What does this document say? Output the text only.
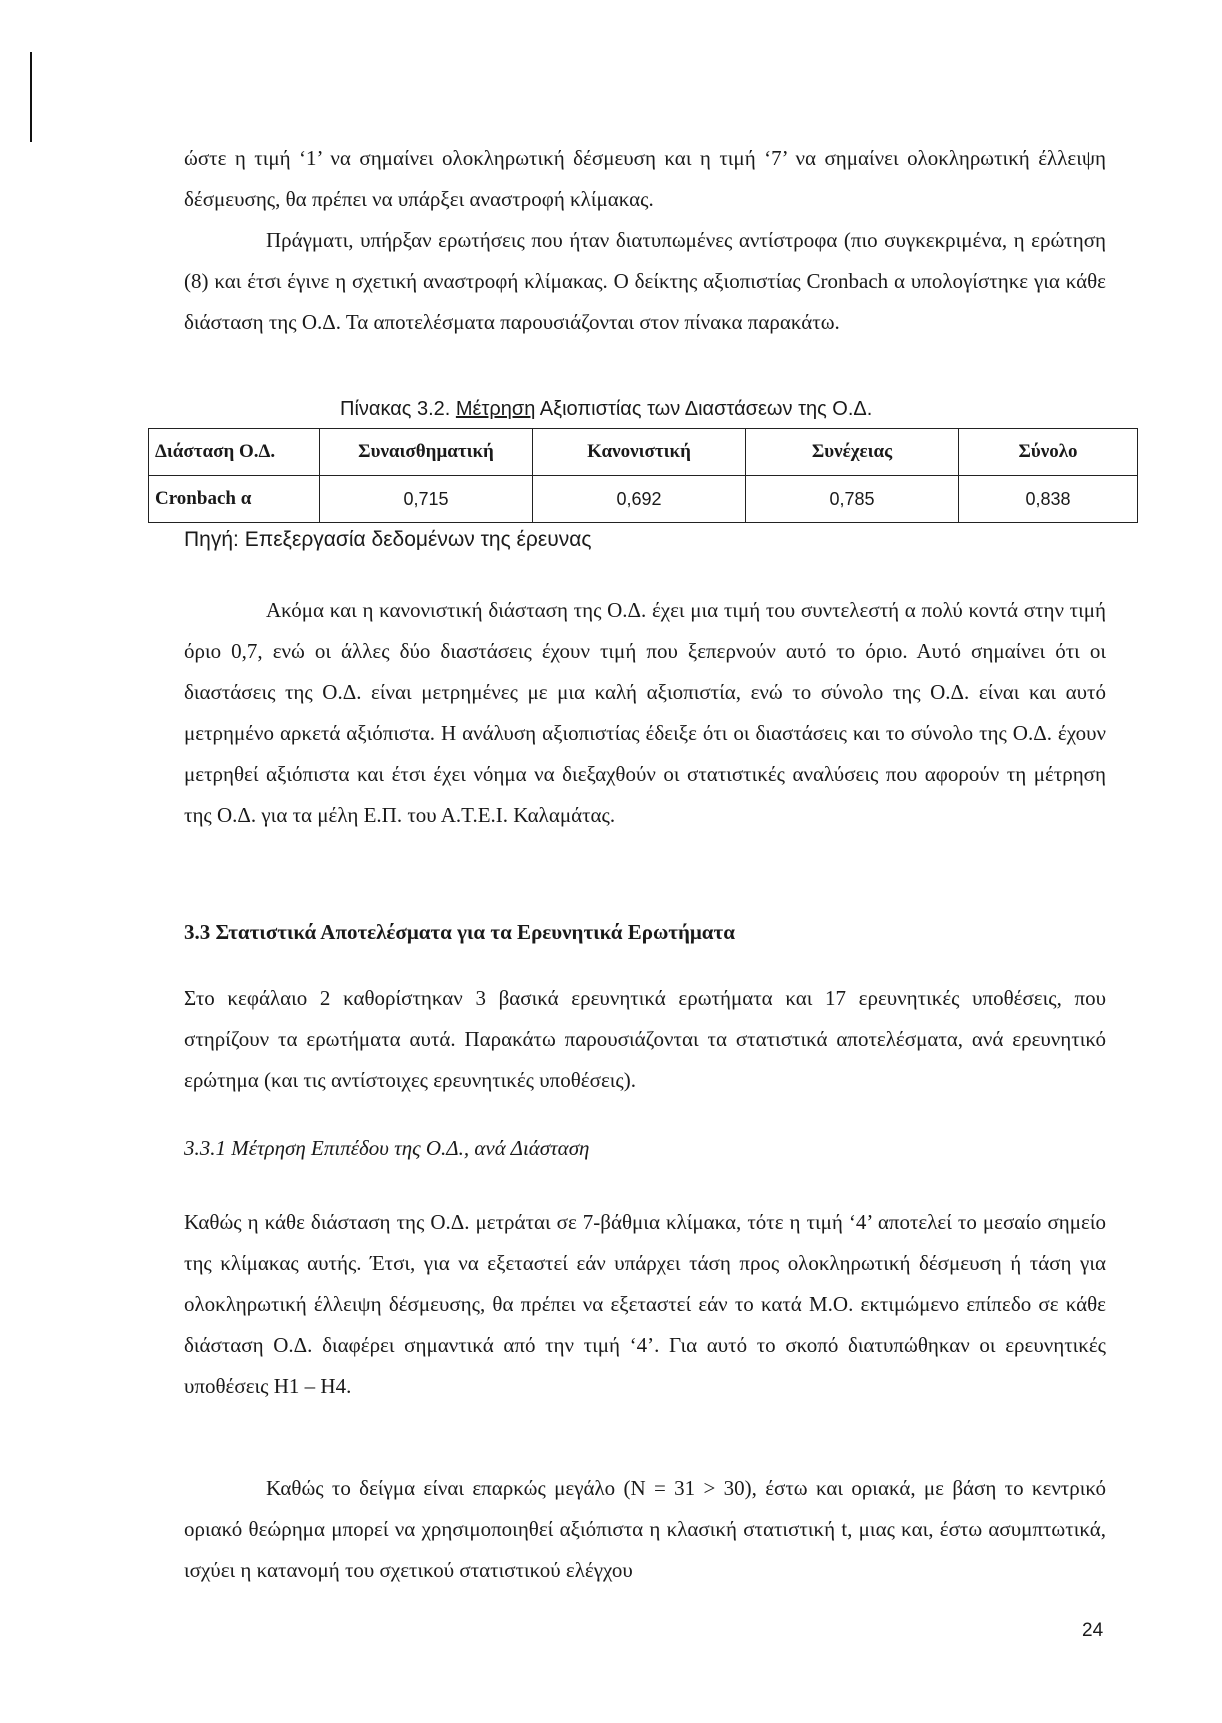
ώστε η τιμή ‘1’ να σημαίνει ολοκληρωτική δέσμευση και η τιμή ‘7’ να σημαίνει ολοκληρωτική έλλειψη δέσμευσης, θα πρέπει να υπάρξει αναστροφή κλίμακας.

Πράγματι, υπήρξαν ερωτήσεις που ήταν διατυπωμένες αντίστροφα (πιο συγκεκριμένα, η ερώτηση (8) και έτσι έγινε η σχετική αναστροφή κλίμακας. Ο δείκτης αξιοπιστίας Cronbach α υπολογίστηκε για κάθε διάσταση της Ο.Δ. Τα αποτελέσματα παρουσιάζονται στον πίνακα παρακάτω.

Πίνακας 3.2. Μέτρηση Αξιοπιστίας των Διαστάσεων της Ο.Δ.
Διάσταση Ο.Δ.	Συναισθηματική	Κανονιστική	Συνέχειας	Σύνολο
Cronbach α	0,715	0,692	0,785	0,838
Πηγή: Επεξεργασία δεδομένων της έρευνας

Ακόμα και η κανονιστική διάσταση της Ο.Δ. έχει μια τιμή του συντελεστή α πολύ κοντά στην τιμή όριο 0,7, ενώ οι άλλες δύο διαστάσεις έχουν τιμή που ξεπερνούν αυτό το όριο. Αυτό σημαίνει ότι οι διαστάσεις της Ο.Δ. είναι μετρημένες με μια καλή αξιοπιστία, ενώ το σύνολο της Ο.Δ. είναι και αυτό μετρημένο αρκετά αξιόπιστα. Η ανάλυση αξιοπιστίας έδειξε ότι οι διαστάσεις και το σύνολο της Ο.Δ. έχουν μετρηθεί αξιόπιστα και έτσι έχει νόημα να διεξαχθούν οι στατιστικές αναλύσεις που αφορούν τη μέτρηση της Ο.Δ. για τα μέλη Ε.Π. του Α.Τ.Ε.Ι. Καλαμάτας.

3.3 Στατιστικά Αποτελέσματα για τα Ερευνητικά Ερωτήματα

Στο κεφάλαιο 2 καθορίστηκαν 3 βασικά ερευνητικά ερωτήματα και 17 ερευνητικές υποθέσεις, που στηρίζουν τα ερωτήματα αυτά. Παρακάτω παρουσιάζονται τα στατιστικά αποτελέσματα, ανά ερευνητικό ερώτημα (και τις αντίστοιχες ερευνητικές υποθέσεις).

3.3.1 Μέτρηση Επιπέδου της Ο.Δ., ανά Διάσταση

Καθώς η κάθε διάσταση της Ο.Δ. μετράται σε 7-βάθμια κλίμακα, τότε η τιμή ‘4’ αποτελεί το μεσαίο σημείο της κλίμακας αυτής. Έτσι, για να εξεταστεί εάν υπάρχει τάση προς ολοκληρωτική δέσμευση ή τάση για ολοκληρωτική έλλειψη δέσμευσης, θα πρέπει να εξεταστεί εάν το κατά Μ.Ο. εκτιμώμενο επίπεδο σε κάθε διάσταση Ο.Δ. διαφέρει σημαντικά από την τιμή ‘4’. Για αυτό το σκοπό διατυπώθηκαν οι ερευνητικές υποθέσεις Η1 – Η4.

Καθώς το δείγμα είναι επαρκώς μεγάλο (N = 31 > 30), έστω και οριακά, με βάση το κεντρικό οριακό θεώρημα μπορεί να χρησιμοποιηθεί αξιόπιστα η κλασική στατιστική t, μιας και, έστω ασυμπτωτικά, ισχύει η κατανομή του σχετικού στατιστικού ελέγχου

24
